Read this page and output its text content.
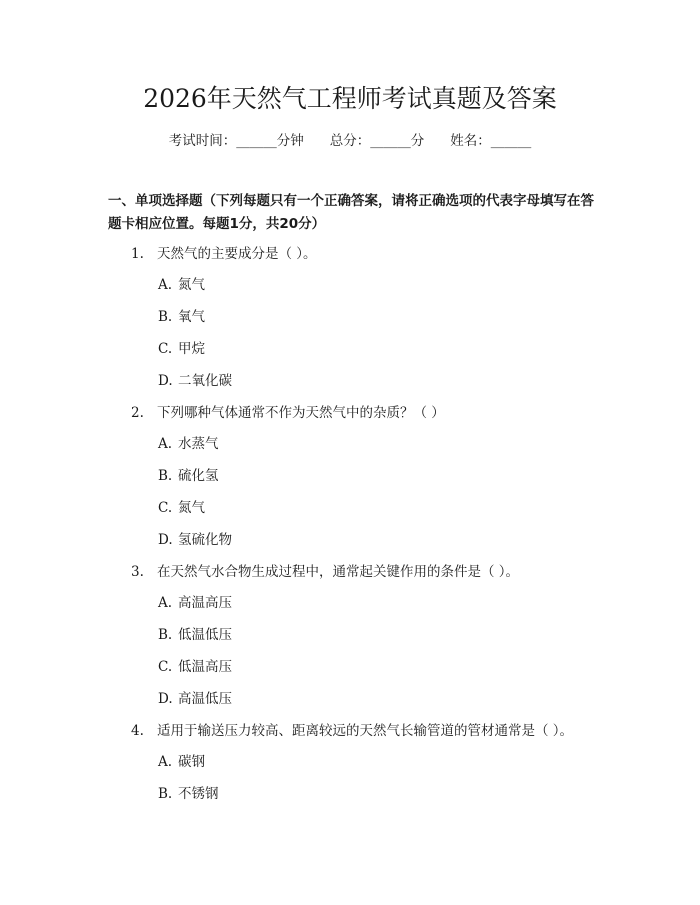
2026年天然气工程师考试真题及答案
考试时间：______分钟 总分：______分 姓名：______

一、单项选择题（下列每题只有一个正确答案，请将正确选项的代表字母填写在答题卡相应位置。每题1分，共20分）

1. 天然气的主要成分是（ ）。
A. 氮气
B. 氧气
C. 甲烷
D. 二氧化碳
2. 下列哪种气体通常不作为天然气中的杂质？（ ）
A. 水蒸气
B. 硫化氢
C. 氮气
D. 氢硫化物
3. 在天然气水合物生成过程中，通常起关键作用的条件是（ ）。
A. 高温高压
B. 低温低压
C. 低温高压
D. 高温低压
4. 适用于输送压力较高、距离较远的天然气长输管道的管材通常是（ ）。
A. 碳钢
B. 不锈钢
